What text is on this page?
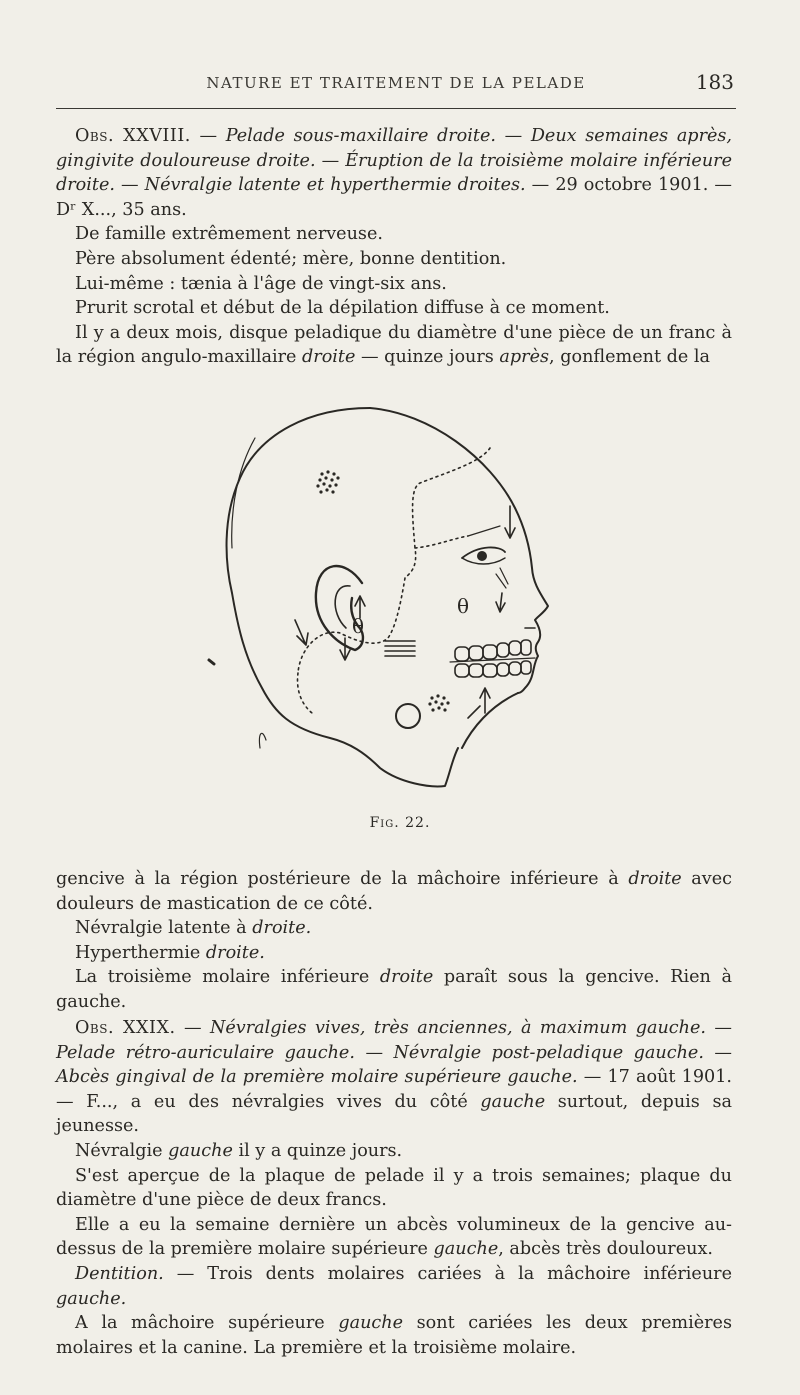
NATURE ET TRAITEMENT DE LA PELADE	183

Obs. XXVIII. — Pelade sous-maxillaire droite. — Deux semaines après, gingivite douloureuse droite. — Éruption de la troisième molaire inférieure droite. — Névralgie latente et hyperthermie droites. — 29 octobre 1901. — Dʳ X..., 35 ans.

De famille extrêmement nerveuse.

Père absolument édenté; mère, bonne dentition.

Lui-même : tænia à l'âge de vingt-six ans.

Prurit scrotal et début de la dépilation diffuse à ce moment.

Il y a deux mois, disque peladique du diamètre d'une pièce de un franc à la région angulo-maxillaire droite — quinze jours après, gonflement de la

θ
θ
Fig. 22.

gencive à la région postérieure de la mâchoire inférieure à droite avec douleurs de mastication de ce côté.

Névralgie latente à droite.

Hyperthermie droite.

La troisième molaire inférieure droite paraît sous la gencive. Rien à gauche.

Obs. XXIX. — Névralgies vives, très anciennes, à maximum gauche. — Pelade rétro-auriculaire gauche. — Névralgie post-peladique gauche. — Abcès gingival de la première molaire supérieure gauche. — 17 août 1901. — F..., a eu des névralgies vives du côté gauche surtout, depuis sa jeunesse.

Névralgie gauche il y a quinze jours.

S'est aperçue de la plaque de pelade il y a trois semaines; plaque du diamètre d'une pièce de deux francs.

Elle a eu la semaine dernière un abcès volumineux de la gencive au-dessus de la première molaire supérieure gauche, abcès très douloureux.

Dentition. — Trois dents molaires cariées à la mâchoire inférieure gauche.

A la mâchoire supérieure gauche sont cariées les deux premières molaires et la canine. La première et la troisième molaire.
